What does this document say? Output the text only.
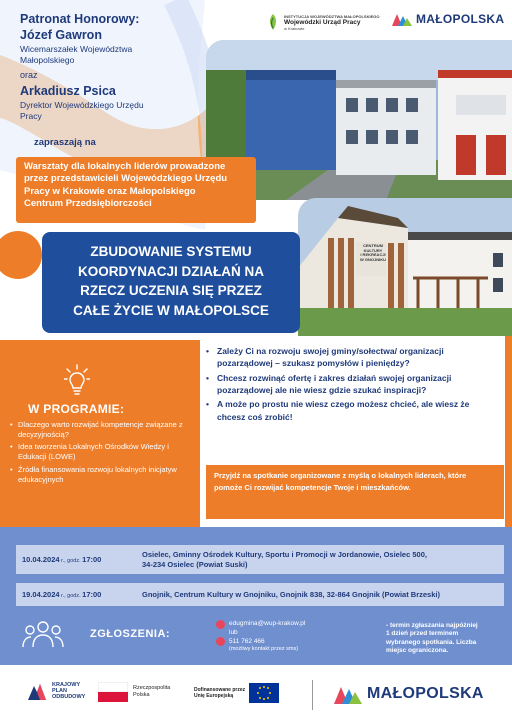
Patronat Honorowy:
Józef Gawron
Wicemarszałek Województwa
Małopolskiego
oraz
Arkadiusz Psica
Dyrektor Wojewódzkiego Urzędu
Pracy
INSTYTUCJA WOJEWÓDZTWA MAŁOPOLSKIEGO
Wojewódzki Urząd Pracy
w Krakowie
MAŁOPOLSKA
CENTRUM
KULTURY
I REKREACJI
W GNOJNIKU
zapraszają na

Warsztaty dla lokalnych liderów prowadzone

przez przedstawicieli Wojewódzkiego Urzędu

Pracy w Krakowie oraz Małopolskiego

Centrum Przedsiębiorczości

ZBUDOWANIE SYSTEMU

KOORDYNACJI DZIAŁAŃ NA

RZECZ UCZENIA SIĘ PRZEZ

CAŁE ŻYCIE W MAŁOPOLSCE

W PROGRAMIE:
• Dlaczego warto rozwijać kompetencje związane z decyzyjnością?
• Idea tworzenia Lokalnych Ośrodków Wiedzy i Edukacji (LOWE)
• Źródła finansowania rozwoju lokalnych inicjatyw edukacyjnych
• Zależy Ci na rozwoju swojej gminy/sołectwa/ organizacji pozarządowej – szukasz pomysłów i pieniędzy?
• Chcesz rozwinąć ofertę i zakres działań swojej organizacji pozarządowej ale nie wiesz gdzie szukać inspiracji?
• A może po prostu nie wiesz czego możesz chcieć, ale wiesz że chcesz coś zrobić!

Przyjdź na spotkanie organizowane z myślą o lokalnych liderach, które pomoże Ci rozwijać kompetencje Twoje i mieszkańców.

10.04.2024 r., godz. 17:00
Osielec, Gminny Ośrodek Kultury, Sportu i Promocji w Jordanowie, Osielec 500,
34-234 Osielec (Powiat Suski)
19.04.2024 r., godz. 17:00	Gnojnik, Centrum Kultury w Gnojniku, Gnojnik 838, 32-864 Gnojnik (Powiat Brzeski)
ZGŁOSZENIA:
edugmina@wup-krakow.pl
lub
511 762 466
(możliwy kontakt przez sms)
- termin zgłaszania najpóźniej
1 dzień przed terminem
wybranego spotkania. Liczba
miejsc ograniczona.
KRAJOWY
PLAN
ODBUDOWY
Rzeczpospolita
Polska
Dofinansowane przez
Unię Europejską	MAŁOPOLSKA
